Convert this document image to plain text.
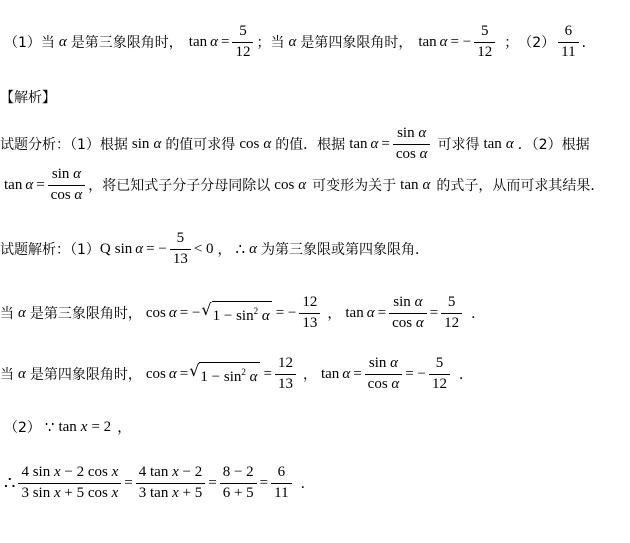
（1）当 α 是第三象限角时， $\tan \alpha = \frac{5}{12}$ ；当 α 是第四象限角时， tan α = − $\frac{5}{12}$ ；　$(2) \frac{6}{11}$ ．
【解析】
试题分析：（1）根据 sin α 的值可求得 cos α 的值．根据 $\tan \alpha = \frac{\text{sin α}}{\text{cos α}}$ 可求得 tan α ．（2）根据
$\tan \alpha = \frac{\text{sin α}}{\text{cos α}}$ ，将已知式子分子分母同除以 cos α 可变形为关于 tan α 的式子，从而可求其结果．
试题解析：（1） Q sin α = − $\frac{5}{13} < 0$ ， ∴ α 为第三象限或第四象限角．
当 α 是第三象限角时， cos α = − √ $1 - \sin^2 \alpha$ = − $\frac{12}{13}$ ， $\tan \alpha = \frac{\text{sin α}}{\text{cos α}} = \frac{5}{12}$ ．
当 α 是第四象限角时， cos α = √ $1 - \sin^2 \alpha = \frac{12}{13}$ ， $\tan \alpha = \frac{\text{sin α}}{\text{cos α}}$ = − $\frac{5}{12}$ ．
（2） ∵ tan x = 2 ，
∴ $\frac{\text{4 sin x − 2 cos x}}{\text{3 sin x + 5 cos x}} = \frac{\text{4 tan x − 2}}{\text{3 tan x + 5}} = \frac{8 - 2}{6 + 5} = \frac{6}{11}$ ．
